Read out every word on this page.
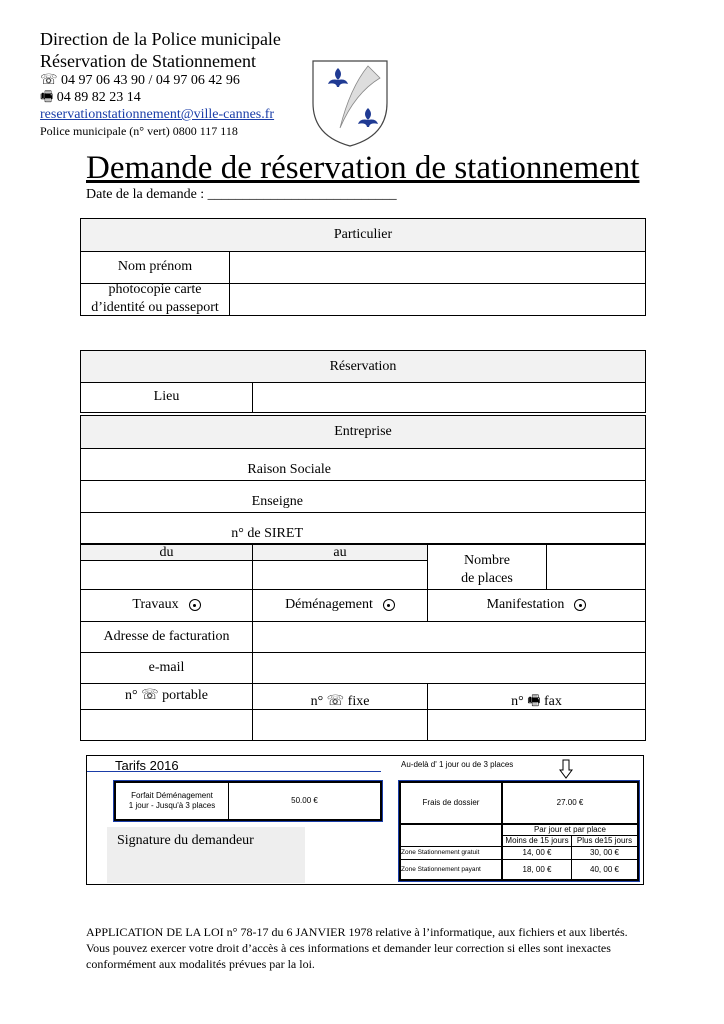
Direction de la Police municipale
Réservation de Stationnement
☏ 04 97 06 43 90 / 04 97 06 42 96
🖷 04 89 82 23 14
reservationstationnement@ville-cannes.fr
Police municipale (n° vert) 0800 117 118
Demande de réservation de stationnement
Date de la demande : ___________________________
Particulier
Nom prénom
photocopie carte
d’identité ou passeport
Réservation
Lieu
Entreprise
Raison Sociale
Enseigne
n° de SIRET
du	au
Nombre
de places
Travaux	Déménagement	Manifestation
Adresse de facturation
e-mail
n° ☏ portable	n° ☏ fixe	n° 🖷 fax
Tarifs 2016	Au-delà d' 1 jour ou de 3 places
Forfait Déménagement
1 jour - Jusqu'à 3 places
50.00 €	Frais de dossier	27.00 €
Par jour et par place
Moins de 15 jours	Plus de15 jours
Zone Stationnement gratuit	14, 00 €	30, 00 €
Zone Stationnement payant	18, 00 €	40, 00 €
Signature du demandeur
APPLICATION DE LA LOI n° 78-17 du 6 JANVIER 1978 relative à l’informatique, aux fichiers et aux libertés.
Vous pouvez exercer votre droit d’accès à ces informations et demander leur correction si elles sont inexactes
conformément aux modalités prévues par la loi.
